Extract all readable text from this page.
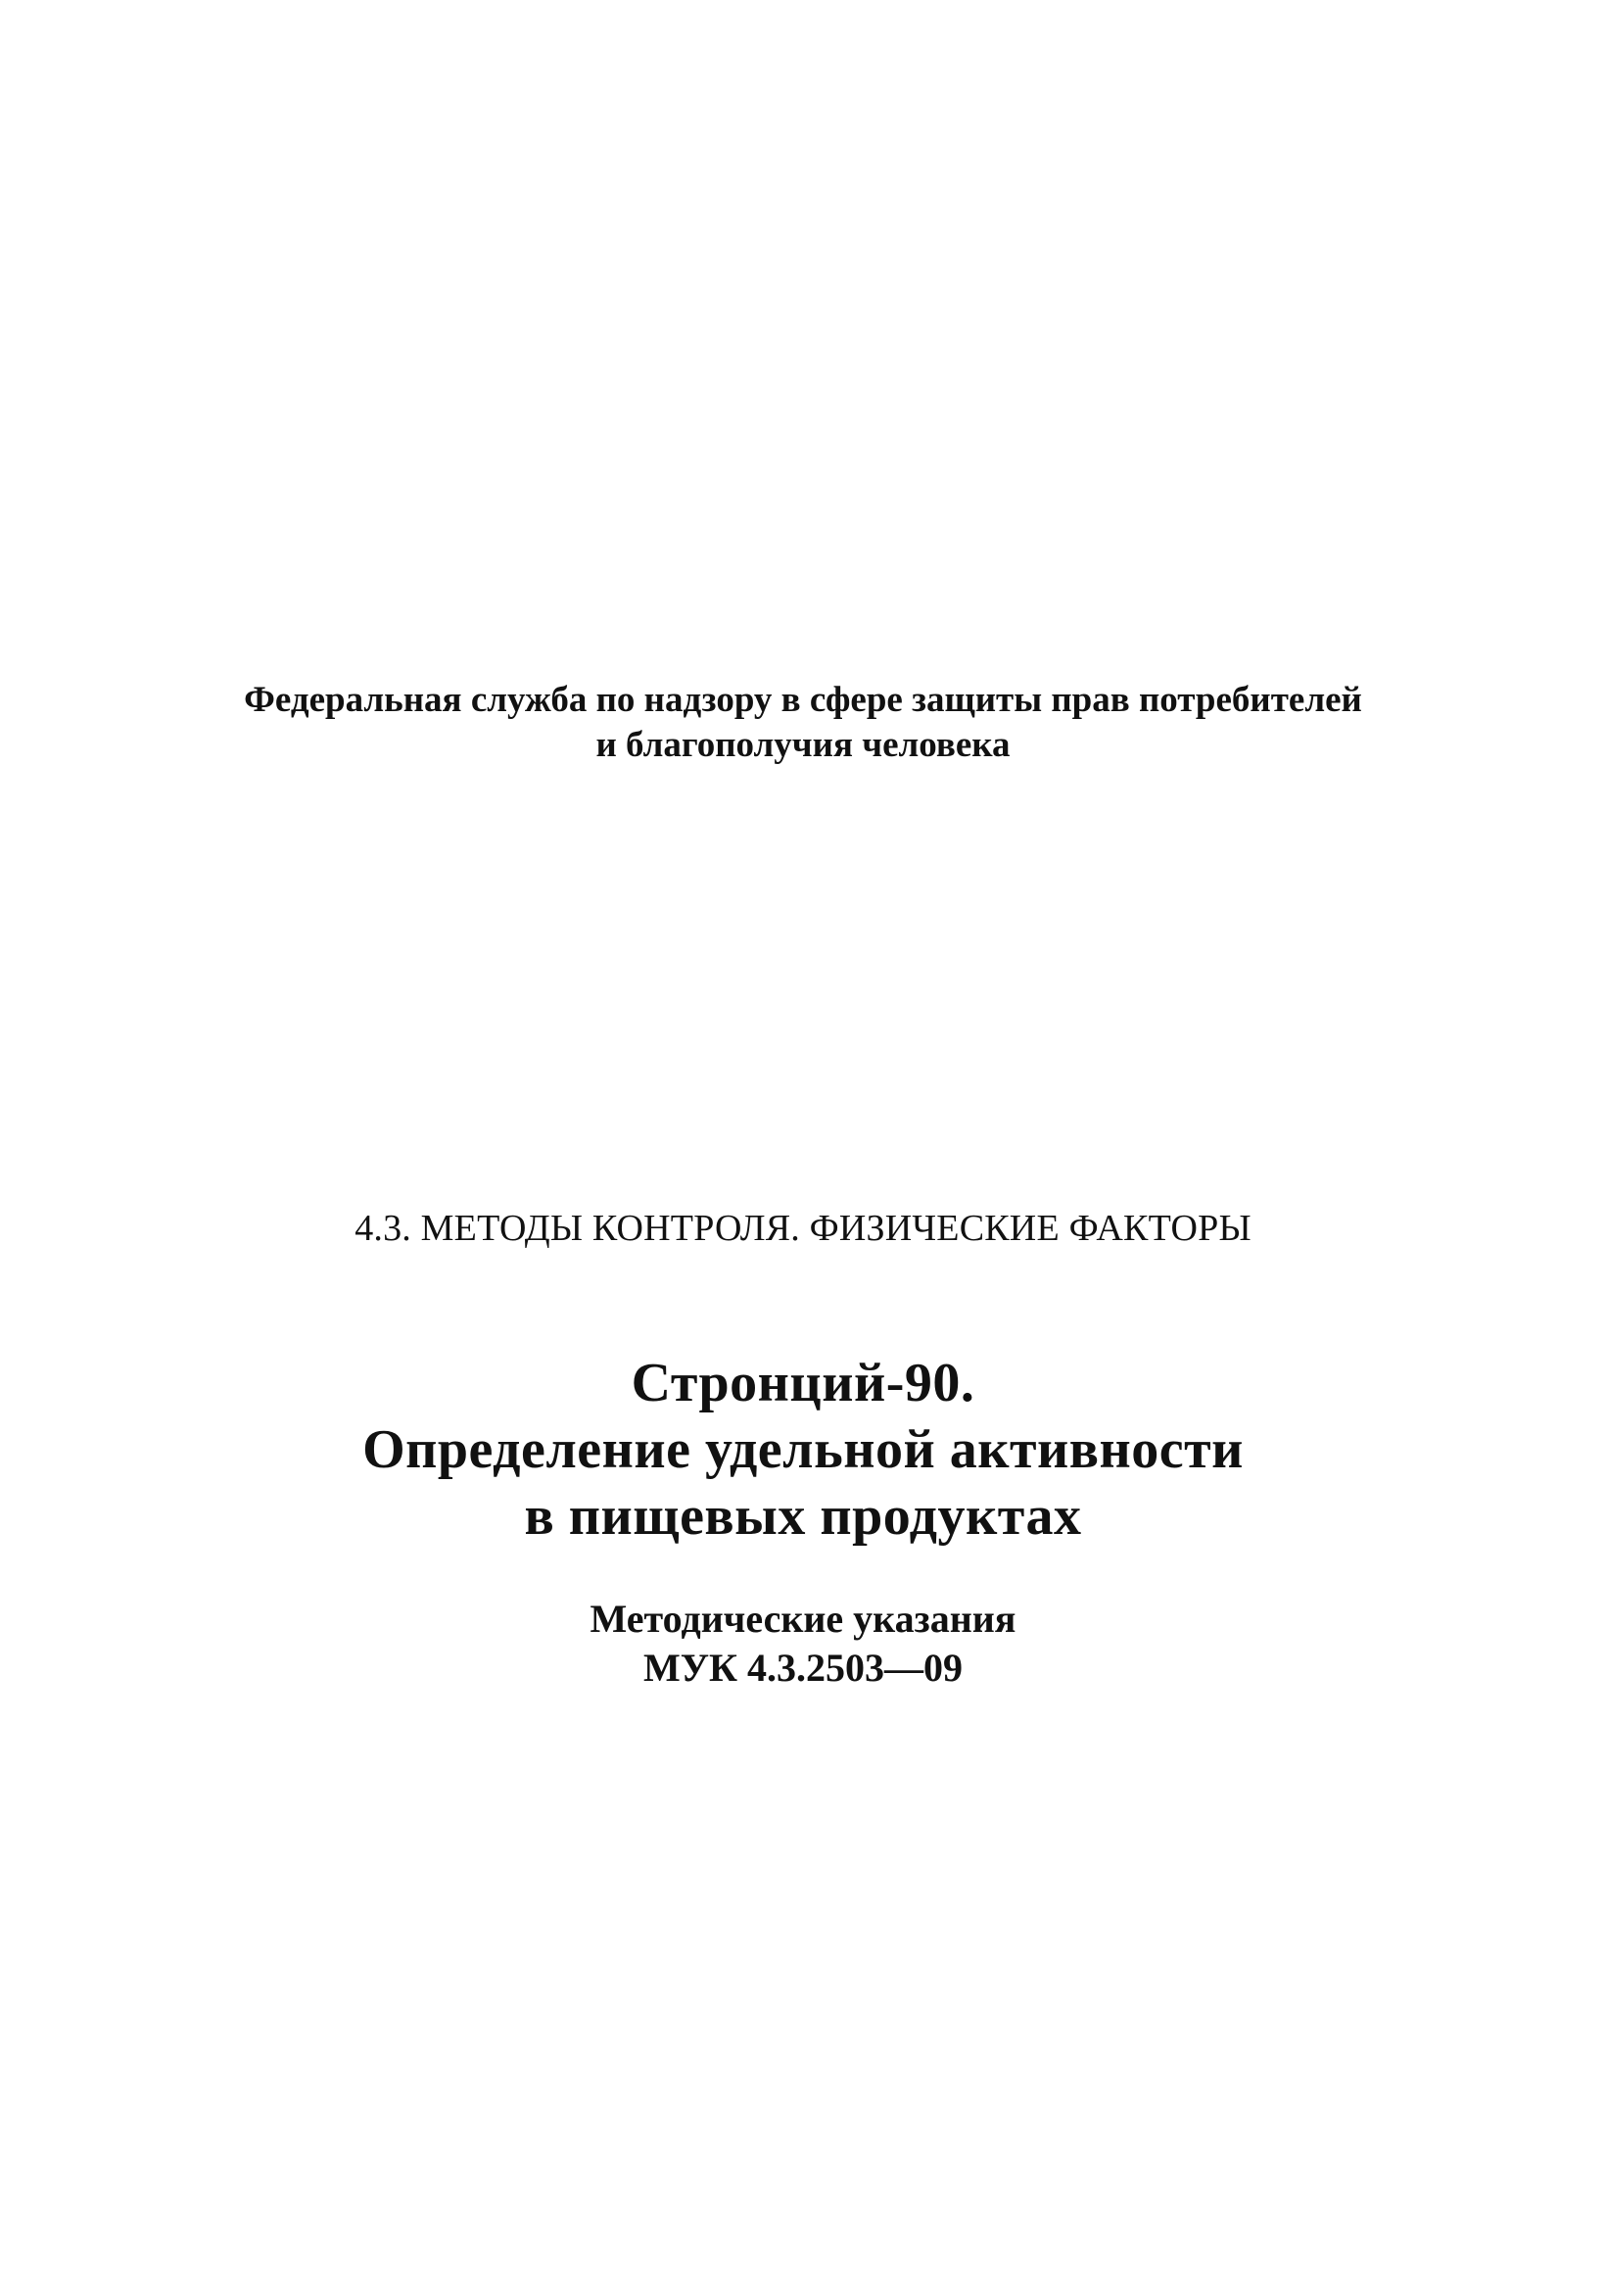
Федеральная служба по надзору в сфере защиты прав потребителей
и благополучия человека
4.3. МЕТОДЫ КОНТРОЛЯ. ФИЗИЧЕСКИЕ ФАКТОРЫ
Стронций-90.
Определение удельной активности
в пищевых продуктах
Методические указания
МУК 4.3.2503—09
